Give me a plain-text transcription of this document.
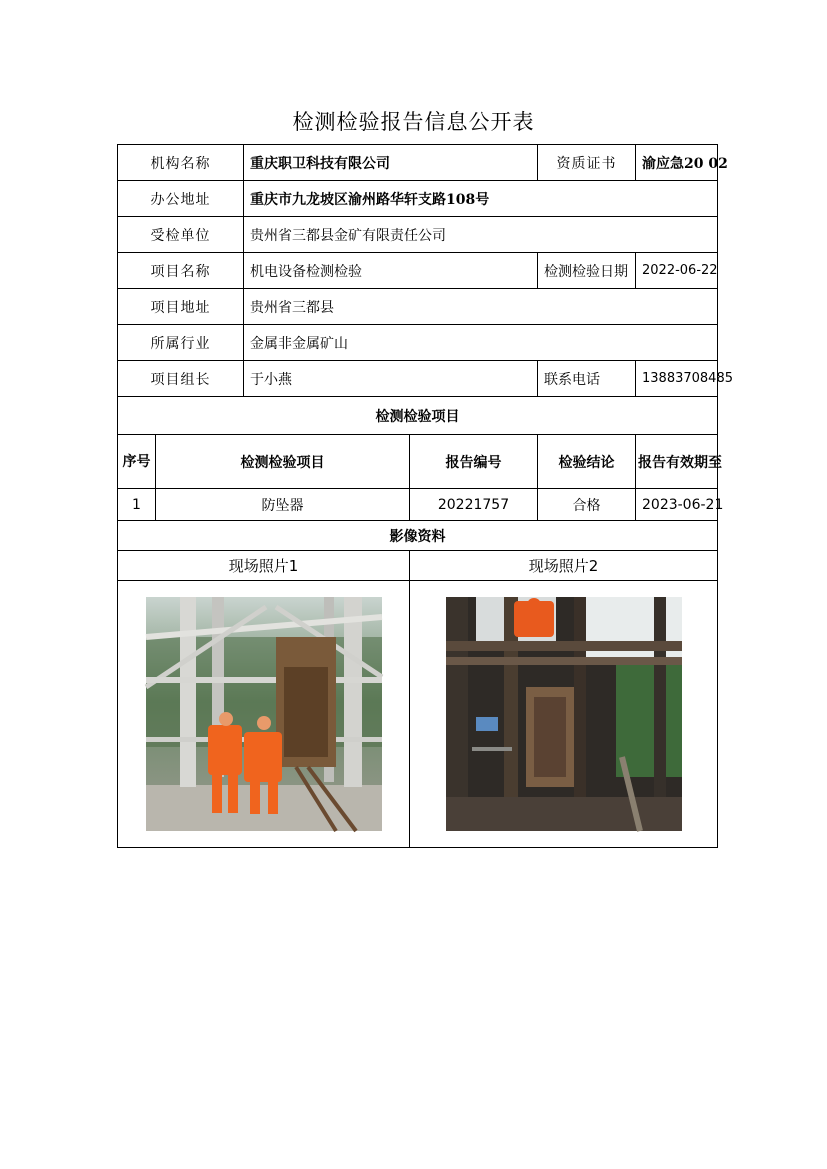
检测检验报告信息公开表
机构名称		重庆职卫科技有限公司		资质证书	渝应急20 02
办公地址		重庆市九龙坡区渝州路华轩支路108号			
受检单位		贵州省三都县金矿有限责任公司			
项目名称		机电设备检测检验		检测检验日期	2022-06-22
项目地址		贵州省三都县			
所属行业		金属非金属矿山			
项目组长		于小燕		联系电话	13883708485
检测检验项目					
序号	检测检验项目		报告编号	检验结论	报告有效期至
1	防坠器		20221757	合格	2023-06-21
影像资料					
现场照片1			现场照片2		
